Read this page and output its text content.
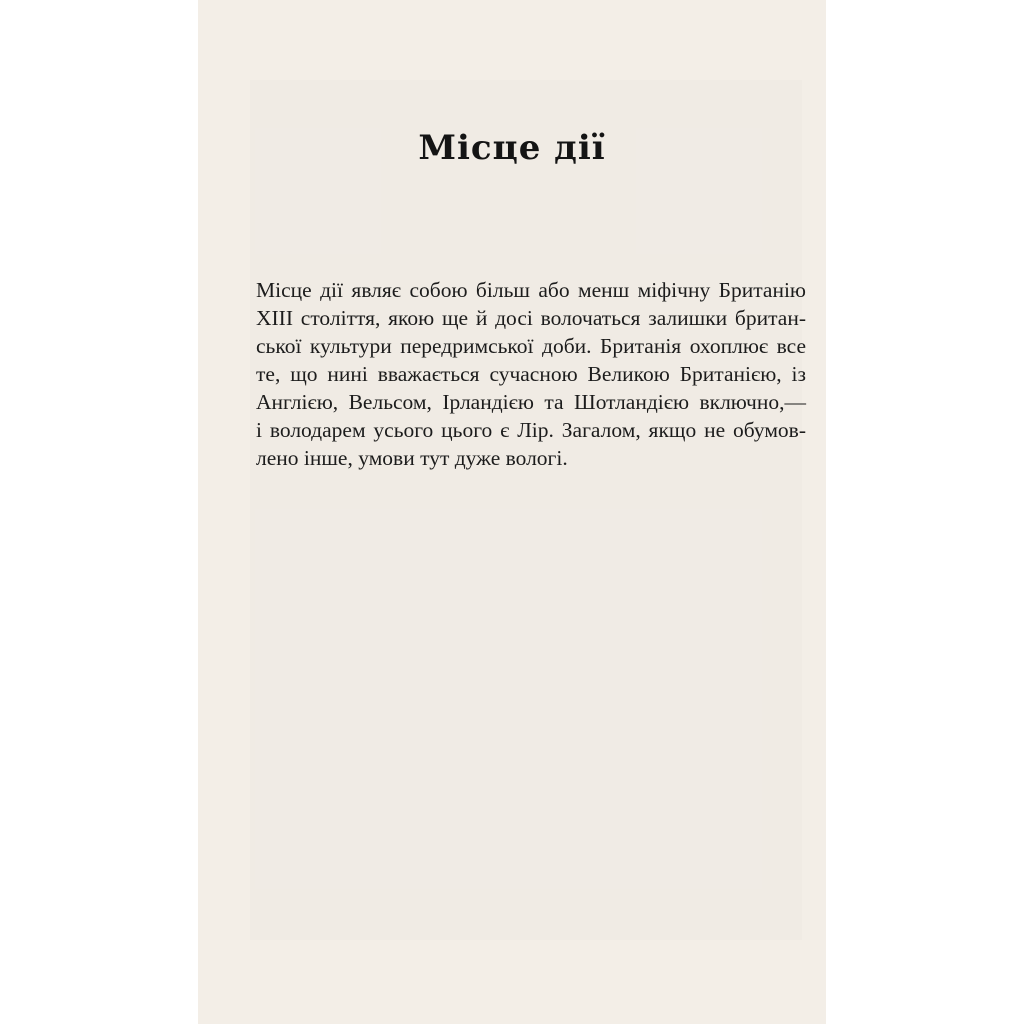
Місце дії

Місце дії являє собою більш або менш міфічну Британію
XIII століття, якою ще й досі волочаться залишки британ-
ської культури передримської доби. Британія охоплює все
те, що нині вважається сучасною Великою Британією, із
Англією, Вельсом, Ірландією та Шотландією включно,—
і володарем усього цього є Лір. Загалом, якщо не обумов-
лено інше, умови тут дуже вологі.
